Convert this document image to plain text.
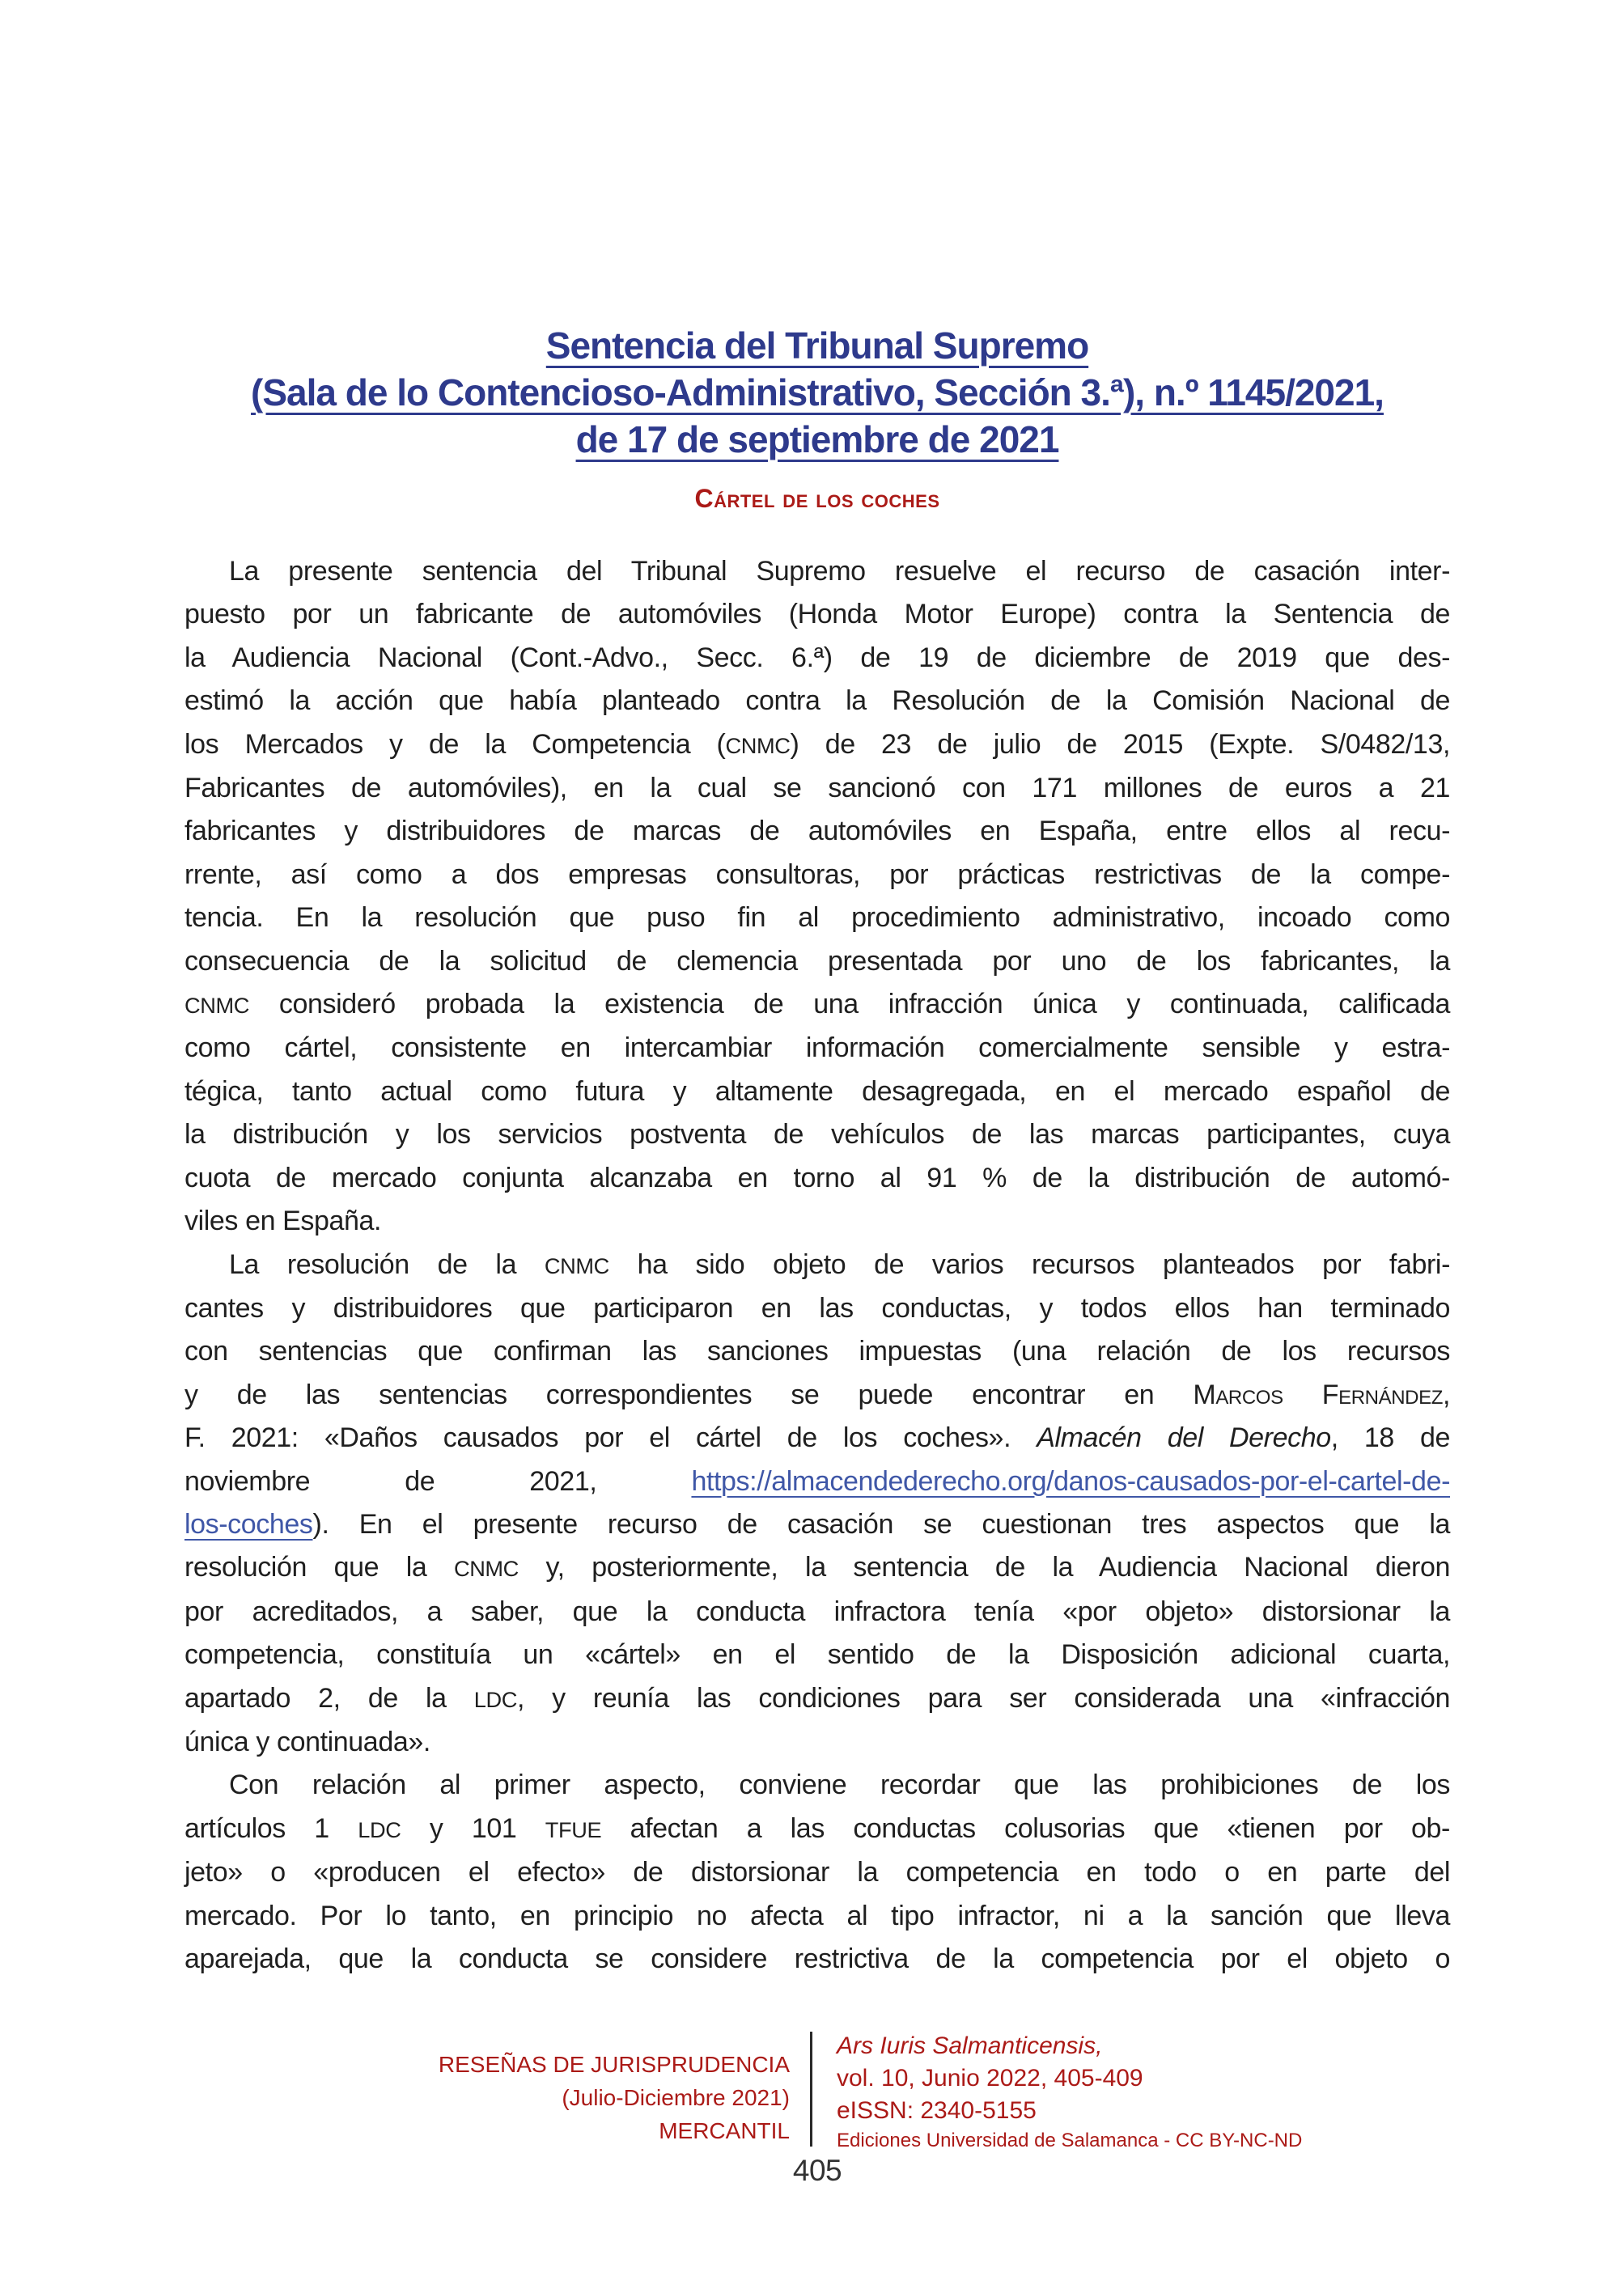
Sentencia del Tribunal Supremo
(Sala de lo Contencioso-Administrativo, Sección 3.ª), n.º 1145/2021,
de 17 de septiembre de 2021
Cártel de los coches
La presente sentencia del Tribunal Supremo resuelve el recurso de casación inter-
puesto por un fabricante de automóviles (Honda Motor Europe) contra la Sentencia de
la Audiencia Nacional (Cont.-Advo., Secc. 6.ª) de 19 de diciembre de 2019 que des-
estimó la acción que había planteado contra la Resolución de la Comisión Nacional de
los Mercados y de la Competencia (CNMC) de 23 de julio de 2015 (Expte. S/0482/13,
Fabricantes de automóviles), en la cual se sancionó con 171 millones de euros a 21
fabricantes y distribuidores de marcas de automóviles en España, entre ellos al recu-
rrente, así como a dos empresas consultoras, por prácticas restrictivas de la compe-
tencia. En la resolución que puso fin al procedimiento administrativo, incoado como
consecuencia de la solicitud de clemencia presentada por uno de los fabricantes, la
CNMC consideró probada la existencia de una infracción única y continuada, calificada
como cártel, consistente en intercambiar información comercialmente sensible y estra-
tégica, tanto actual como futura y altamente desagregada, en el mercado español de
la distribución y los servicios postventa de vehículos de las marcas participantes, cuya
cuota de mercado conjunta alcanzaba en torno al 91 % de la distribución de automó-
viles en España.
La resolución de la CNMC ha sido objeto de varios recursos planteados por fabri-
cantes y distribuidores que participaron en las conductas, y todos ellos han terminado
con sentencias que confirman las sanciones impuestas (una relación de los recursos
y de las sentencias correspondientes se puede encontrar en Marcos Fernández,
F. 2021: «Daños causados por el cártel de los coches». Almacén del Derecho, 18 de
noviembre de 2021, https://almacendederecho.org/danos-causados-por-el-cartel-de-
los-coches). En el presente recurso de casación se cuestionan tres aspectos que la
resolución que la CNMC y, posteriormente, la sentencia de la Audiencia Nacional dieron
por acreditados, a saber, que la conducta infractora tenía «por objeto» distorsionar la
competencia, constituía un «cártel» en el sentido de la Disposición adicional cuarta,
apartado 2, de la LDC, y reunía las condiciones para ser considerada una «infracción
única y continuada».
Con relación al primer aspecto, conviene recordar que las prohibiciones de los
artículos 1 LDC y 101 TFUE afectan a las conductas colusorias que «tienen por ob-
jeto» o «producen el efecto» de distorsionar la competencia en todo o en parte del
mercado. Por lo tanto, en principio no afecta al tipo infractor, ni a la sanción que lleva
aparejada, que la conducta se considere restrictiva de la competencia por el objeto o
RESEÑAS DE JURISPRUDENCIA
(Julio-Diciembre 2021)
MERCANTIL
Ars Iuris Salmanticensis,
vol. 10, Junio 2022, 405-409
eISSN: 2340-5155
Ediciones Universidad de Salamanca - CC BY-NC-ND
405
